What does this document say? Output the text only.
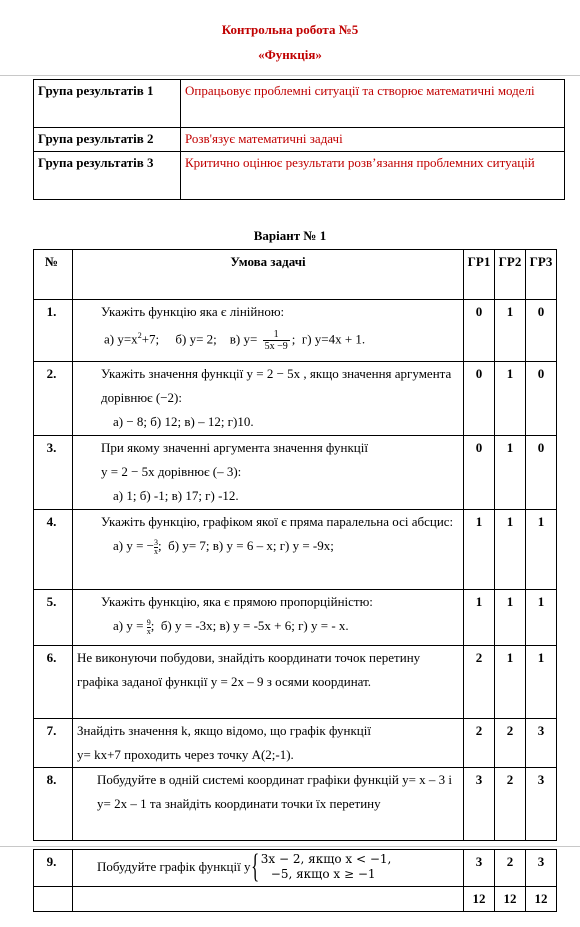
Контрольна робота №5
«Функція»
Група результатів 1	Опрацьовує проблемні ситуації та створює математичні моделі
Група результатів 2	Розв'язує математичні задачі
Група результатів 3	Критично оцінює результати розв’язання проблемних ситуацій
Варіант № 1
№	Умова задачі	ГР1	ГР2	ГР3
1.	Укажіть функцію яка є лінійною:
а) $y=x^2+7$; б) y= 2; в) $y= \frac{1}{5x -9}$ ; г) y=4x + 1.	0	1	0
2.	Укажіть значення функції y = 2 − 5x , якщо значення аргумента дорівнює (−2):
а) − 8; б) 12; в) – 12; г)10.	0	1	0
3.	При якому значенні аргумента значення функції
y = 2 − 5x дорівнює (– 3):
а) 1; б) -1; в) 17; г) -12.	0	1	0
4.	Укажіть функцію, графіком якої є пряма паралельна осі абсцис:
а) y = − $\frac{3}{x}$; б) y= 7; в) y = 6 – x; г) y = -9x;	1	1	1
5.	Укажіть функцію, яка є прямою пропорційністю:
а) $y = \frac{9}{x}$; б) y = -3x; в) y = -5x + 6; г) y = - x.	1	1	1
6.	Не виконуючи побудови, знайдіть координати точок перетину графіка заданої функції y = 2x – 9 з осями координат.	2	1	1
7.	Знайдіть значення k, якщо відомо, що графік функції
y= kx+7 проходить через точку A(2;-1).	2	2	3
8.	Побудуйте в одній системі координат графіки функцій y= x – 3 і y= 2x – 1 та знайдіть координати точки їх перетину	3	2	3
9.	Побудуйте графік функції y{ 3x − 2, якщо x < −1,
−5, якщо x ≥ −1	3	2	3
		12	12	12
